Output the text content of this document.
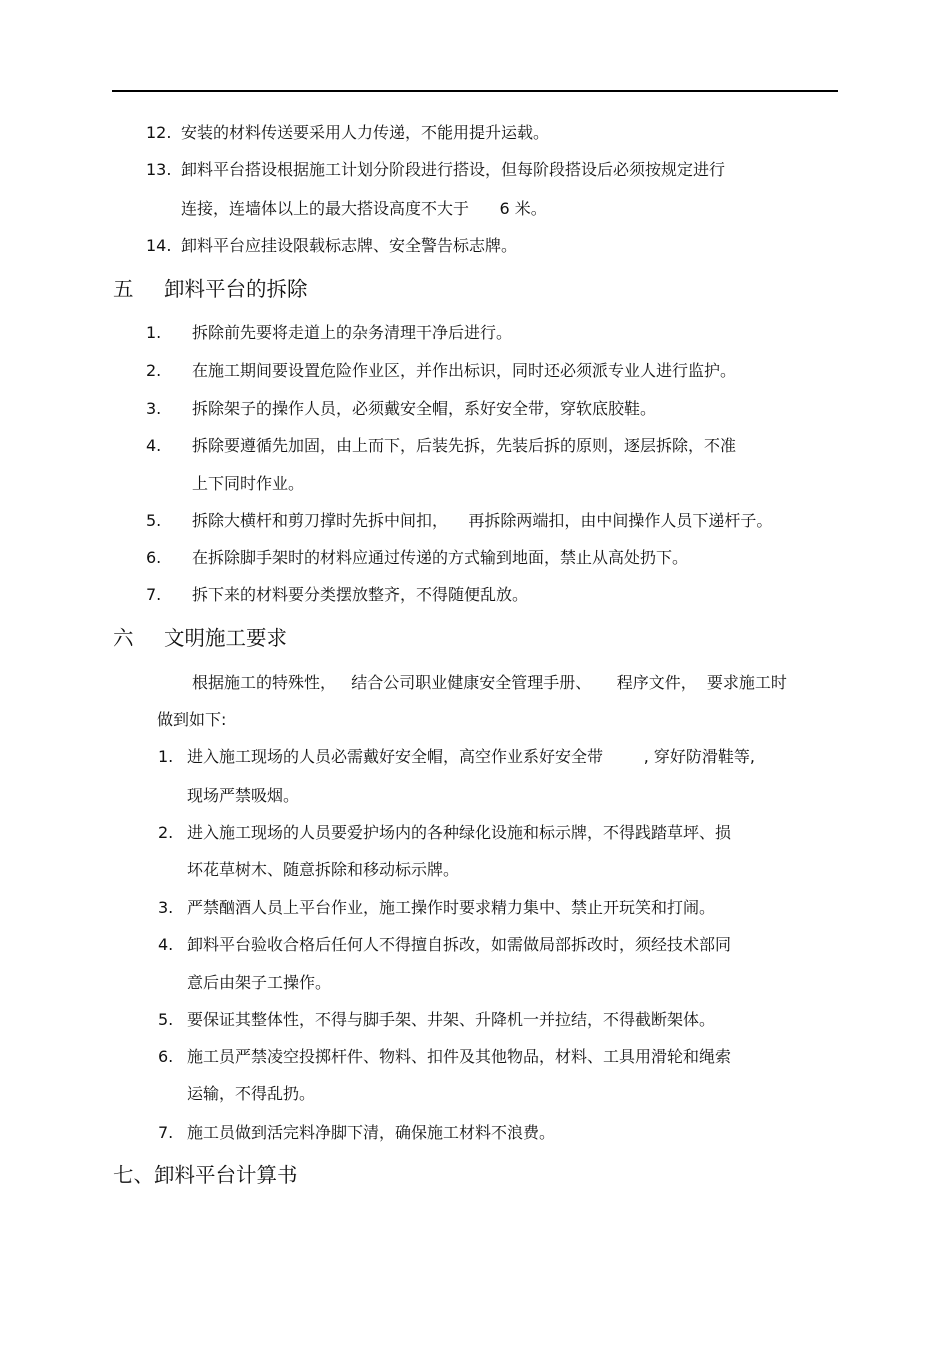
12. 安装的材料传送要采用人力传递，不能用提升运载。
13. 卸料平台搭设根据施工计划分阶段进行搭设，但每阶段搭设后必须按规定进行
连接，连墙体以上的最大搭设高度不大于      6 米。
14. 卸料平台应挂设限载标志牌、安全警告标志牌。
五 卸料平台的拆除
1. 拆除前先要将走道上的杂务清理干净后进行。
2. 在施工期间要设置危险作业区，并作出标识，同时还必须派专业人进行监护。
3. 拆除架子的操作人员，必须戴安全帽，系好安全带，穿软底胶鞋。
4. 拆除要遵循先加固，由上而下，后装先拆，先装后拆的原则，逐层拆除，不准
上下同时作业。
5. 拆除大横杆和剪刀撑时先拆中间扣，    再拆除两端扣，由中间操作人员下递杆子。
6. 在拆除脚手架时的材料应通过传递的方式输到地面，禁止从高处扔下。
7. 拆下来的材料要分类摆放整齐，不得随便乱放。
六 文明施工要求
根据施工的特殊性，   结合公司职业健康安全管理手册、     程序文件，  要求施工时
做到如下:
1. 进入施工现场的人员必需戴好安全帽，高空作业系好安全带        , 穿好防滑鞋等,
现场严禁吸烟。
2. 进入施工现场的人员要爱护场内的各种绿化设施和标示牌，不得践踏草坪、损
坏花草树木、随意拆除和移动标示牌。
3. 严禁酗酒人员上平台作业，施工操作时要求精力集中、禁止开玩笑和打闹。
4. 卸料平台验收合格后任何人不得擅自拆改，如需做局部拆改时，须经技术部同
意后由架子工操作。
5. 要保证其整体性，不得与脚手架、井架、升降机一并拉结，不得截断架体。
6. 施工员严禁凌空投掷杆件、物料、扣件及其他物品，材料、工具用滑轮和绳索
运输，不得乱扔。
7. 施工员做到活完料净脚下清，确保施工材料不浪费。
七、卸料平台计算书
